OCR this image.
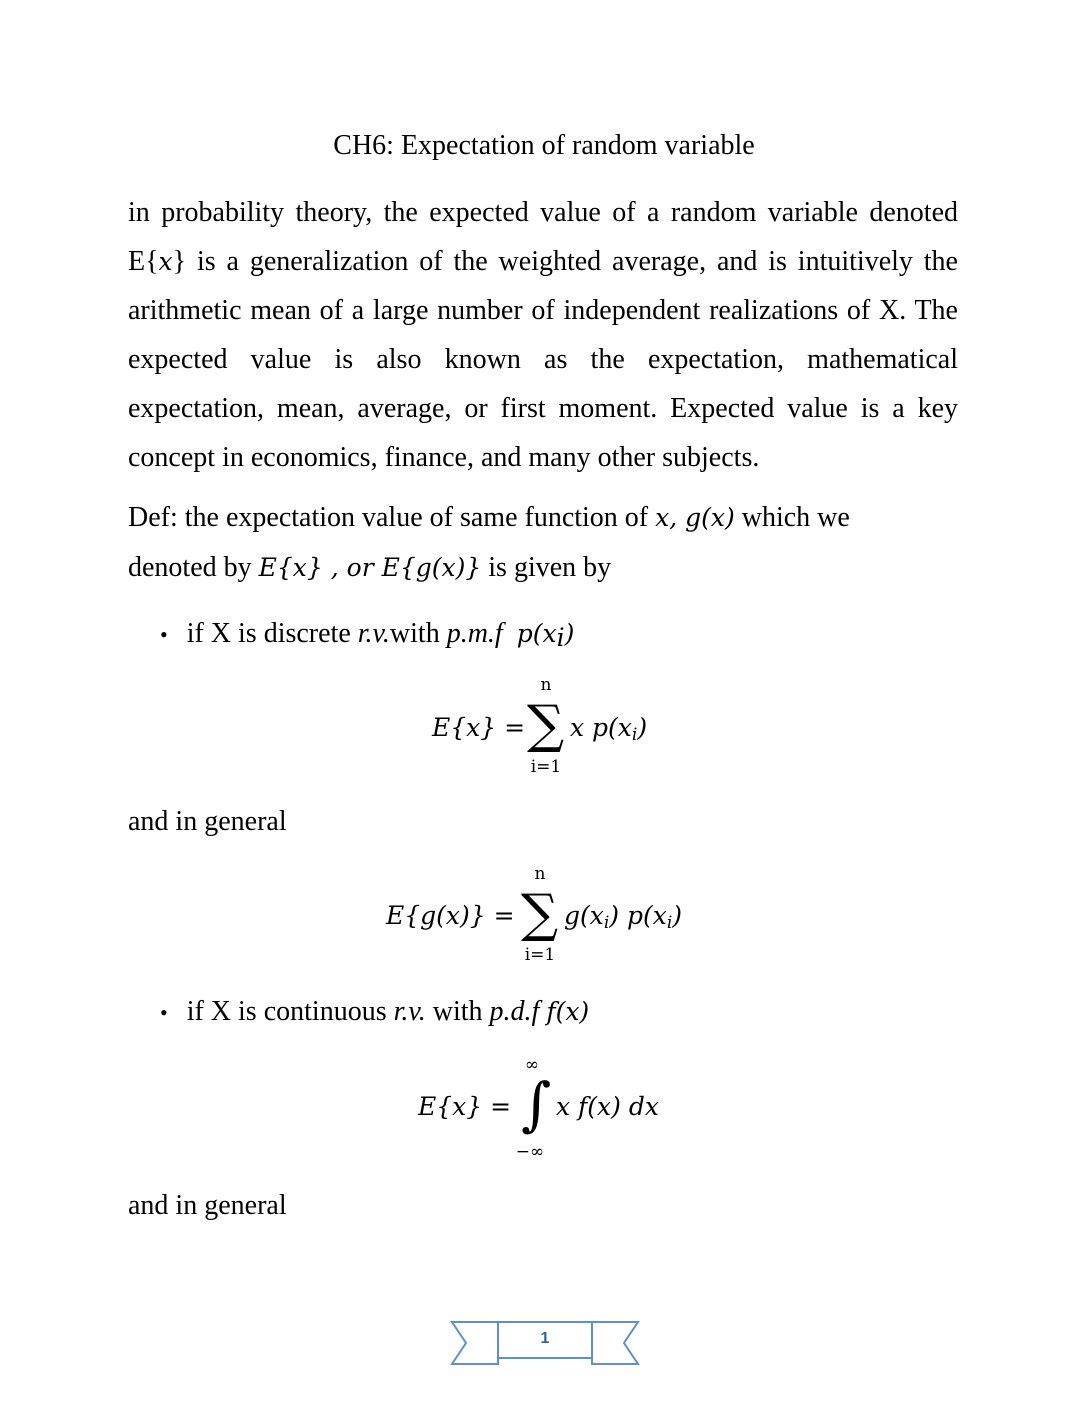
CH6: Expectation of random variable
in probability theory, the expected value of a random variable denoted E{x} is a generalization of the weighted average, and is intuitively the arithmetic mean of a large number of independent realizations of X. The expected value is also known as the expectation, mathematical expectation, mean, average, or first moment. Expected value is a key concept in economics, finance, and many other subjects.
Def: the expectation value of same function of x, g(x) which we
denoted by E{x} , or E{g(x)} is given by
• if X is discrete r.v.with p.m.f $p(x_i)$
E{x} =
n
∑
i=1
x $p(x_i)$
and in general
E{g(x)} =
n
∑
i=1
$g(x_i)$ $p(x_i)$
• if X is continuous r.v. with p.d.f f(x)
E{x} =
∞
∫
−∞
x f(x) dx
and in general
1
